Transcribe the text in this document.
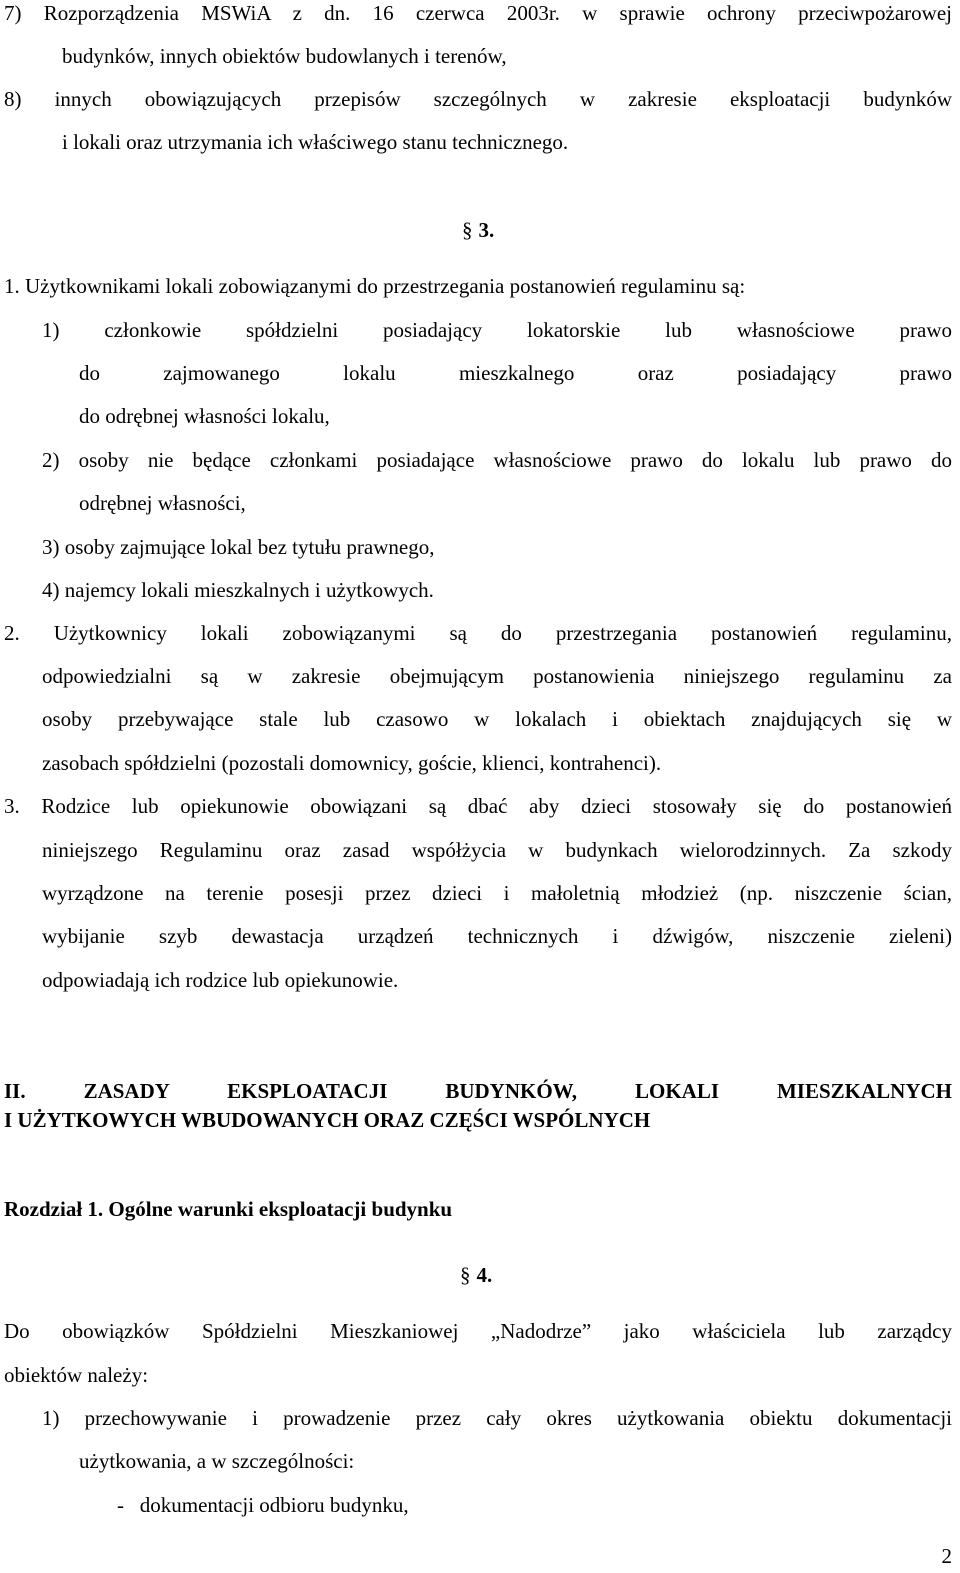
7) Rozporządzenia MSWiA z dn. 16 czerwca 2003r. w sprawie ochrony przeciwpożarowej
budynków, innych obiektów budowlanych i terenów,
8) innych obowiązujących przepisów szczególnych w zakresie eksploatacji budynków
i lokali oraz utrzymania ich właściwego stanu technicznego.
§ 3.
1. Użytkownikami lokali zobowiązanymi do przestrzegania postanowień regulaminu są:
1) członkowie spółdzielni posiadający lokatorskie lub własnościowe prawo
do zajmowanego lokalu mieszkalnego oraz posiadający prawo
do odrębnej własności lokalu,
2) osoby nie będące członkami posiadające własnościowe prawo do lokalu lub prawo do
odrębnej własności,
3) osoby zajmujące lokal bez tytułu prawnego,
4) najemcy lokali mieszkalnych i użytkowych.
2. Użytkownicy lokali zobowiązanymi są do przestrzegania postanowień regulaminu,
odpowiedzialni są w zakresie obejmującym postanowienia niniejszego regulaminu za
osoby przebywające stale lub czasowo w lokalach i obiektach znajdujących się w
zasobach spółdzielni (pozostali domownicy, goście, klienci, kontrahenci).
3. Rodzice lub opiekunowie obowiązani są dbać aby dzieci stosowały się do postanowień
niniejszego Regulaminu oraz zasad współżycia w budynkach wielorodzinnych. Za szkody
wyrządzone na terenie posesji przez dzieci i małoletnią młodzież (np. niszczenie ścian,
wybijanie szyb dewastacja urządzeń technicznych i dźwigów, niszczenie zieleni)
odpowiadają ich rodzice lub opiekunowie.
II. ZASADY EKSPLOATACJI BUDYNKÓW, LOKALI MIESZKALNYCH
I UŻYTKOWYCH WBUDOWANYCH ORAZ CZĘŚCI WSPÓLNYCH
Rozdział 1. Ogólne warunki eksploatacji budynku
§ 4.
Do obowiązków Spółdzielni Mieszkaniowej „Nadodrze” jako właściciela lub zarządcy
obiektów należy:
1) przechowywanie i prowadzenie przez cały okres użytkowania obiektu dokumentacji
użytkowania, a w szczególności:
-   dokumentacji odbioru budynku,
2
